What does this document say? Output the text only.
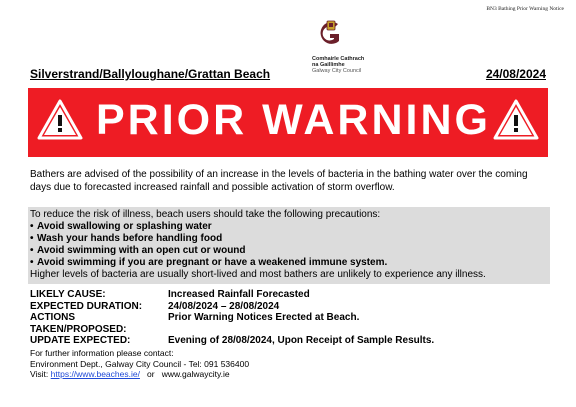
BN3 Bathing Prior Warning Notice
Comhairle Cathrach
na Gaillimhe
Galway City Council
Silverstrand/Ballyloughane/Grattan Beach	24/08/2024
PRIOR WARNING
Bathers are advised of the possibility of an increase in the levels of bacteria in the bathing water over the coming days due to forecasted increased rainfall and possible activation of storm overflow.
To reduce the risk of illness, beach users should take the following precautions:
• Avoid swallowing or splashing water
• Wash your hands before handling food
• Avoid swimming with an open cut or wound
• Avoid swimming if you are pregnant or have a weakened immune system.
Higher levels of bacteria are usually short-lived and most bathers are unlikely to experience any illness.
LIKELY CAUSE:	Increased Rainfall Forecasted
EXPECTED DURATION:	24/08/2024 – 28/08/2024
ACTIONS TAKEN/PROPOSED:
Prior Warning Notices Erected at Beach.
UPDATE EXPECTED:	Evening of 28/08/2024, Upon Receipt of Sample Results.
For further information please contact:
Environment Dept., Galway City Council - Tel: 091 536400
Visit: https://www.beaches.ie/ or www.galwaycity.ie
